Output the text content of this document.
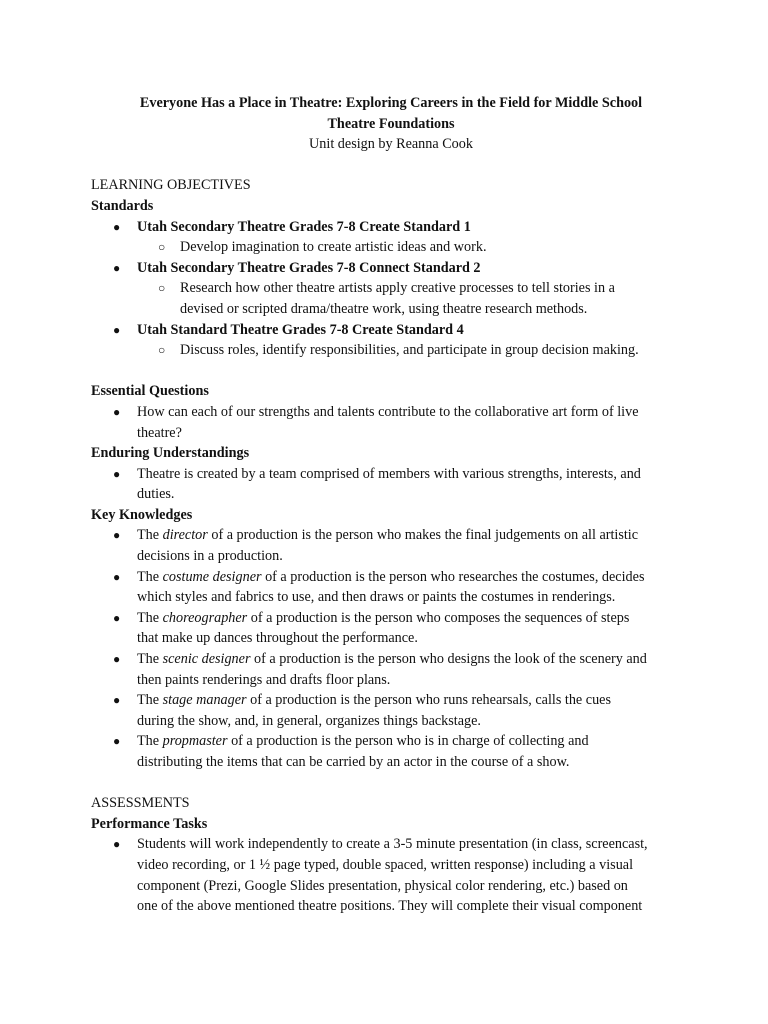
Everyone Has a Place in Theatre: Exploring Careers in the Field for Middle School
Theatre Foundations

Unit design by Reanna Cook

LEARNING OBJECTIVES

Standards

● Utah Secondary Theatre Grades 7-8 Create Standard 1
○ Develop imagination to create artistic ideas and work.
● Utah Secondary Theatre Grades 7-8 Connect Standard 2
○ Research how other theatre artists apply creative processes to tell stories in a
devised or scripted drama/theatre work, using theatre research methods.
● Utah Standard Theatre Grades 7-8 Create Standard 4
○ Discuss roles, identify responsibilities, and participate in group decision making.

Essential Questions

● How can each of our strengths and talents contribute to the collaborative art form of live
theatre?

Enduring Understandings

● Theatre is created by a team comprised of members with various strengths, interests, and
duties.

Key Knowledges

● The director of a production is the person who makes the final judgements on all artistic
decisions in a production.
● The costume designer of a production is the person who researches the costumes, decides
which styles and fabrics to use, and then draws or paints the costumes in renderings.
● The choreographer of a production is the person who composes the sequences of steps
that make up dances throughout the performance.
● The scenic designer of a production is the person who designs the look of the scenery and
then paints renderings and drafts floor plans.
● The stage manager of a production is the person who runs rehearsals, calls the cues
during the show, and, in general, organizes things backstage.
● The propmaster of a production is the person who is in charge of collecting and
distributing the items that can be carried by an actor in the course of a show.

ASSESSMENTS

Performance Tasks

● Students will work independently to create a 3-5 minute presentation (in class, screencast,
video recording, or 1 ½ page typed, double spaced, written response) including a visual
component (Prezi, Google Slides presentation, physical color rendering, etc.) based on
one of the above mentioned theatre positions. They will complete their visual component
